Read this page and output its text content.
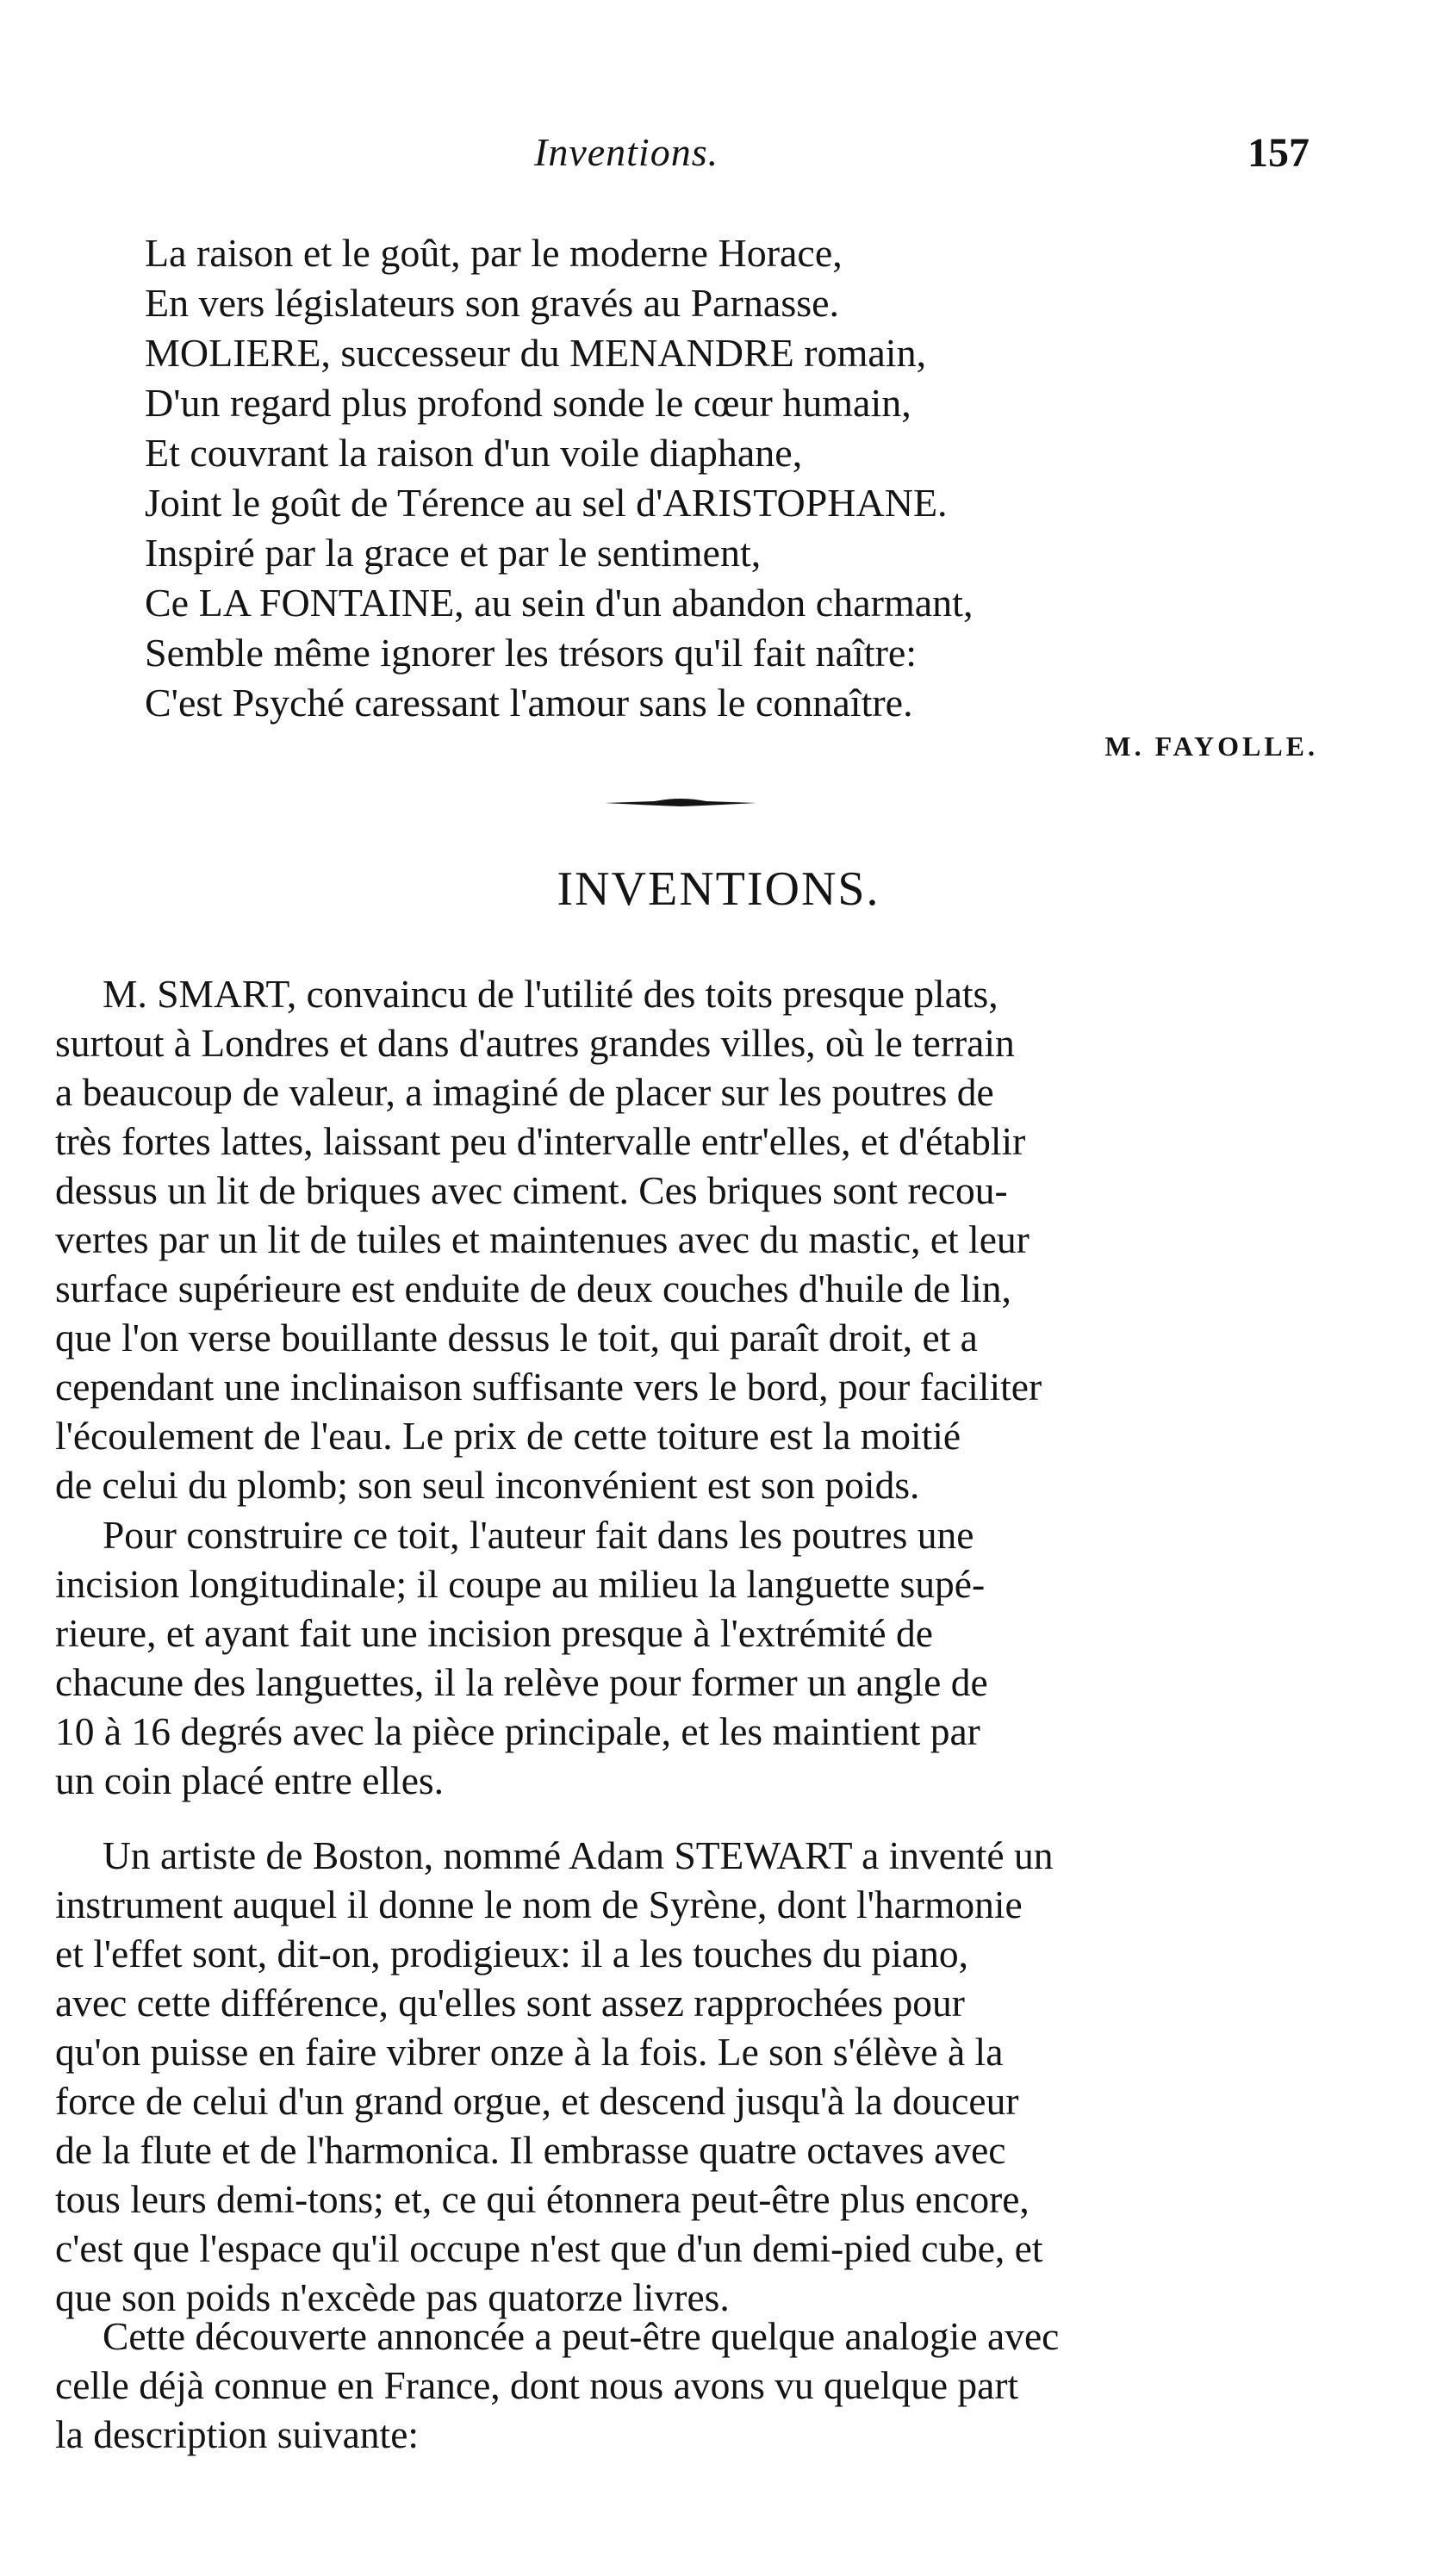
Inventions.	157
La raison et le goût, par le moderne Horace,
En vers législateurs son gravés au Parnasse.
MOLIERE, successeur du MENANDRE romain,
D'un regard plus profond sonde le cœur humain,
Et couvrant la raison d'un voile diaphane,
Joint le goût de Térence au sel d'ARISTOPHANE.
Inspiré par la grace et par le sentiment,
Ce LA FONTAINE, au sein d'un abandon charmant,
Semble même ignorer les trésors qu'il fait naître:
C'est Psyché caressant l'amour sans le connaître.
M. FAYOLLE.
INVENTIONS.
M. SMART, convaincu de l'utilité des toits presque plats,
surtout à Londres et dans d'autres grandes villes, où le terrain
a beaucoup de valeur, a imaginé de placer sur les poutres de
très fortes lattes, laissant peu d'intervalle entr'elles, et d'établir
dessus un lit de briques avec ciment. Ces briques sont recou-
vertes par un lit de tuiles et maintenues avec du mastic, et leur
surface supérieure est enduite de deux couches d'huile de lin,
que l'on verse bouillante dessus le toit, qui paraît droit, et a
cependant une inclinaison suffisante vers le bord, pour faciliter
l'écoulement de l'eau. Le prix de cette toiture est la moitié
de celui du plomb; son seul inconvénient est son poids.
Pour construire ce toit, l'auteur fait dans les poutres une
incision longitudinale; il coupe au milieu la languette supé-
rieure, et ayant fait une incision presque à l'extrémité de
chacune des languettes, il la relève pour former un angle de
10 à 16 degrés avec la pièce principale, et les maintient par
un coin placé entre elles.
Un artiste de Boston, nommé Adam STEWART a inventé un
instrument auquel il donne le nom de Syrène, dont l'harmonie
et l'effet sont, dit-on, prodigieux: il a les touches du piano,
avec cette différence, qu'elles sont assez rapprochées pour
qu'on puisse en faire vibrer onze à la fois. Le son s'élève à la
force de celui d'un grand orgue, et descend jusqu'à la douceur
de la flute et de l'harmonica. Il embrasse quatre octaves avec
tous leurs demi-tons; et, ce qui étonnera peut-être plus encore,
c'est que l'espace qu'il occupe n'est que d'un demi-pied cube, et
que son poids n'excède pas quatorze livres.
Cette découverte annoncée a peut-être quelque analogie avec
celle déjà connue en France, dont nous avons vu quelque part
la description suivante:
